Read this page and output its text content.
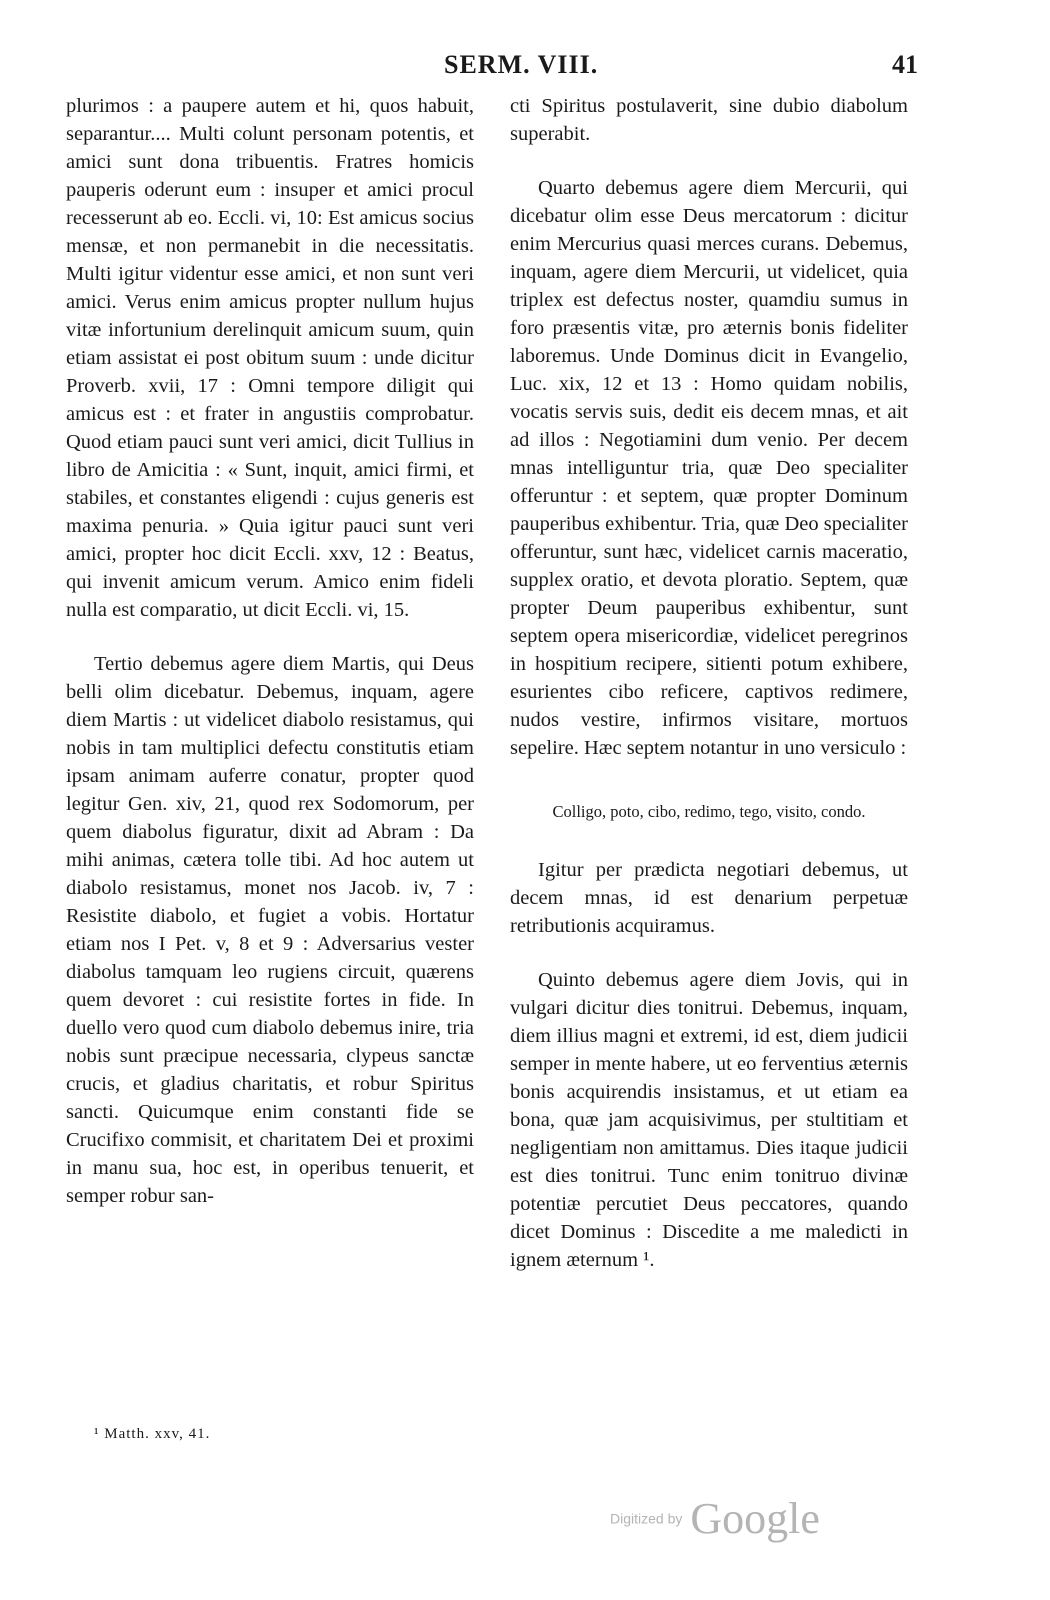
SERM. VIII.	41

plurimos : a paupere autem et hi, quos habuit, separantur.... Multi colunt personam potentis, et amici sunt dona tribuentis. Fratres homicis pauperis oderunt eum : insuper et amici procul recesserunt ab eo. Eccli. vi, 10: Est amicus socius mensæ, et non permanebit in die necessitatis. Multi igitur videntur esse amici, et non sunt veri amici. Verus enim amicus propter nullum hujus vitæ infortunium derelinquit amicum suum, quin etiam assistat ei post obitum suum : unde dicitur Proverb. xvii, 17 : Omni tempore diligit qui amicus est : et frater in angustiis comprobatur. Quod etiam pauci sunt veri amici, dicit Tullius in libro de Amicitia : « Sunt, inquit, amici firmi, et stabiles, et constantes eligendi : cujus generis est maxima penuria. » Quia igitur pauci sunt veri amici, propter hoc dicit Eccli. xxv, 12 : Beatus, qui invenit amicum verum. Amico enim fideli nulla est comparatio, ut dicit Eccli. vi, 15.

Tertio debemus agere diem Martis, qui Deus belli olim dicebatur. Debemus, inquam, agere diem Martis : ut videlicet diabolo resistamus, qui nobis in tam multiplici defectu constitutis etiam ipsam animam auferre conatur, propter quod legitur Gen. xiv, 21, quod rex Sodomorum, per quem diabolus figuratur, dixit ad Abram : Da mihi animas, cætera tolle tibi. Ad hoc autem ut diabolo resistamus, monet nos Jacob. iv, 7 : Resistite diabolo, et fugiet a vobis. Hortatur etiam nos I Pet. v, 8 et 9 : Adversarius vester diabolus tamquam leo rugiens circuit, quærens quem devoret : cui resistite fortes in fide. In duello vero quod cum diabolo debemus inire, tria nobis sunt præcipue necessaria, clypeus sanctæ crucis, et gladius charitatis, et robur Spiritus sancti. Quicumque enim constanti fide se Crucifixo commisit, et charitatem Dei et proximi in manu sua, hoc est, in operibus tenuerit, et semper robur san-

cti Spiritus postulaverit, sine dubio diabolum superabit.

Quarto debemus agere diem Mercurii, qui dicebatur olim esse Deus mercatorum : dicitur enim Mercurius quasi merces curans. Debemus, inquam, agere diem Mercurii, ut videlicet, quia triplex est defectus noster, quamdiu sumus in foro præsentis vitæ, pro æternis bonis fideliter laboremus. Unde Dominus dicit in Evangelio, Luc. xix, 12 et 13 : Homo quidam nobilis, vocatis servis suis, dedit eis decem mnas, et ait ad illos : Negotiamini dum venio. Per decem mnas intelliguntur tria, quæ Deo specialiter offeruntur : et septem, quæ propter Dominum pauperibus exhibentur. Tria, quæ Deo specialiter offeruntur, sunt hæc, videlicet carnis maceratio, supplex oratio, et devota ploratio. Septem, quæ propter Deum pauperibus exhibentur, sunt septem opera misericordiæ, videlicet peregrinos in hospitium recipere, sitienti potum exhibere, esurientes cibo reficere, captivos redimere, nudos vestire, infirmos visitare, mortuos sepelire. Hæc septem notantur in uno versiculo :

Colligo, poto, cibo, redimo, tego, visito, condo.

Igitur per prædicta negotiari debemus, ut decem mnas, id est denarium perpetuæ retributionis acquiramus.

Quinto debemus agere diem Jovis, qui in vulgari dicitur dies tonitrui. Debemus, inquam, diem illius magni et extremi, id est, diem judicii semper in mente habere, ut eo ferventius æternis bonis acquirendis insistamus, et ut etiam ea bona, quæ jam acquisivimus, per stultitiam et negligentiam non amittamus. Dies itaque judicii est dies tonitrui. Tunc enim tonitruo divinæ potentiæ percutiet Deus peccatores, quando dicet Dominus : Discedite a me maledicti in ignem æternum ¹.

¹ Matth. xxv, 41.
Digitized by Google
